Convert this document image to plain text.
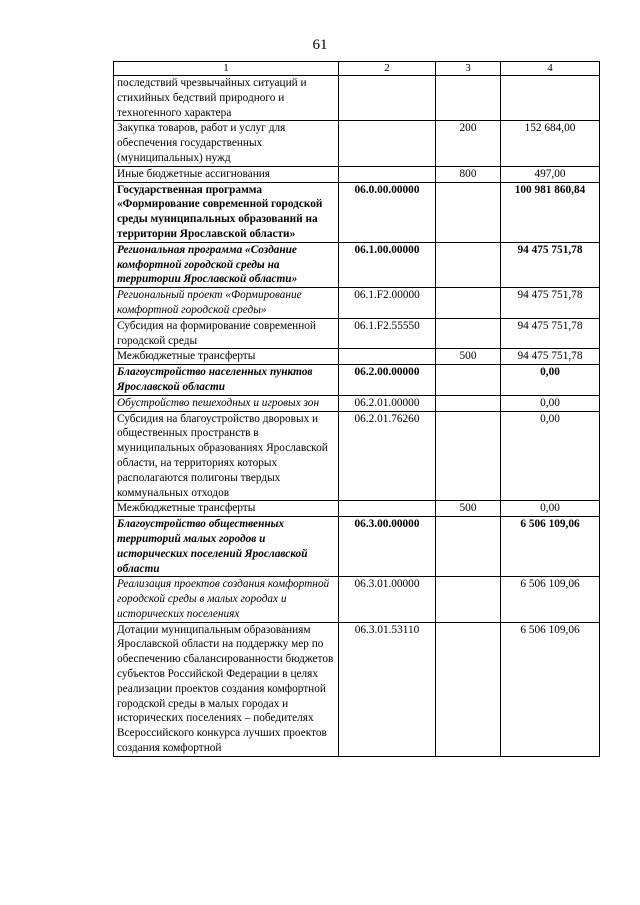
61
1	2	3	4
последствий чрезвычайных ситуаций и стихийных бедствий природного и техногенного характера			
Закупка товаров, работ и услуг для обеспечения государственных (муниципальных) нужд		200	152 684,00
Иные бюджетные ассигнования		800	497,00
Государственная программа «Формирование современной городской среды муниципальных образований на территории Ярославской области»	06.0.00.00000		100 981 860,84
Региональная программа «Создание комфортной городской среды на территории Ярославской области»	06.1.00.00000		94 475 751,78
Региональный проект «Формирование комфортной городской среды»	06.1.F2.00000		94 475 751,78
Субсидия на формирование современной городской среды	06.1.F2.55550		94 475 751,78
Межбюджетные трансферты		500	94 475 751,78
Благоустройство населенных пунктов Ярославской области	06.2.00.00000		0,00
Обустройство пешеходных и игровых зон	06.2.01.00000		0,00
Субсидия на благоустройство дворовых и общественных пространств в муниципальных образованиях Ярославской области, на территориях которых располагаются полигоны твердых коммунальных отходов	06.2.01.76260		0,00
Межбюджетные трансферты		500	0,00
Благоустройство общественных территорий малых городов и исторических поселений Ярославской области	06.3.00.00000		6 506 109,06
Реализация проектов создания комфортной городской среды в малых городах и исторических поселениях	06.3.01.00000		6 506 109,06
Дотации муниципальным образованиям Ярославской области на поддержку мер по обеспечению сбалансированности бюджетов субъектов Российской Федерации в целях реализации проектов создания комфортной городской среды в малых городах и исторических поселениях – победителях Всероссийского конкурса лучших проектов создания комфортной	06.3.01.53110		6 506 109,06
